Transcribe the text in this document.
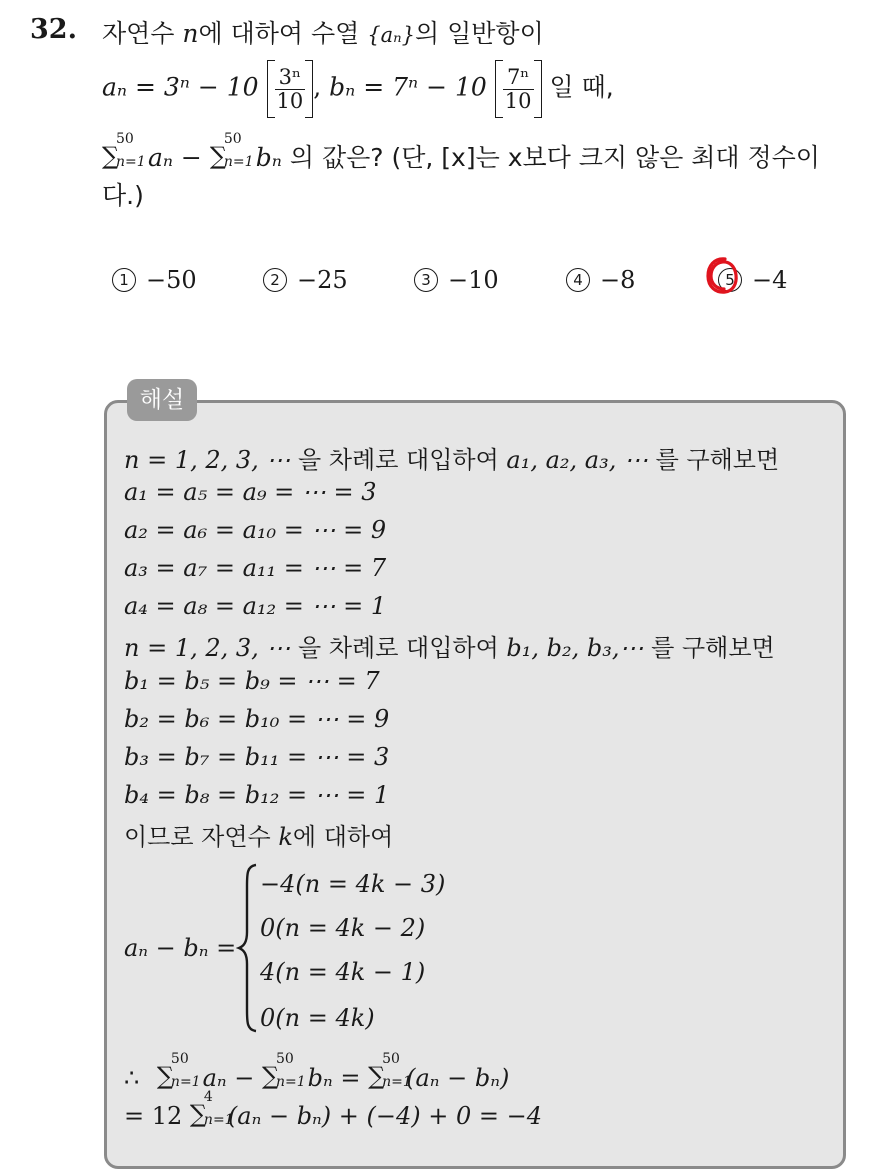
32. 자연수 n에 대하여 수열 {aₙ}의 일반항이
$a_n = 3^n - 10 \frac{\text{3ⁿ}}{10}$ , $b_n = 7^n - 10 \frac{\text{7ⁿ}}{10}$ 일 때,
∑
50
n=1 aₙ − ∑
50
n=1 bₙ 의 값은? (단, [x]는 x보다 크지 않은 최대 정수이
다.)
1 −50	2 −25	3 −10	4 −8	5 −4
해설
n = 1, 2, 3, ⋯ 을 차례로 대입하여 a₁, a₂, a₃, ⋯ 를 구해보면
a₁ = a₅ = a₉ = ⋯ = 3
a₂ = a₆ = a₁₀ = ⋯ = 9
a₃ = a₇ = a₁₁ = ⋯ = 7
a₄ = a₈ = a₁₂ = ⋯ = 1
n = 1, 2, 3, ⋯ 을 차례로 대입하여 b₁, b₂, b₃,⋯ 를 구해보면
b₁ = b₅ = b₉ = ⋯ = 7
b₂ = b₆ = b₁₀ = ⋯ = 9
b₃ = b₇ = b₁₁ = ⋯ = 3
b₄ = b₈ = b₁₂ = ⋯ = 1
이므로 자연수 k에 대하여
aₙ − bₙ =
−4(n = 4k − 3)
0(n = 4k − 2)
4(n = 4k − 1)
0(n = 4k)
∴ ∑
50
n=1 aₙ − ∑
50
n=1 bₙ = ∑
50
n=1
(aₙ − bₙ)
= 12 ∑
4
n=1
(aₙ − bₙ) + (−4) + 0 = −4
